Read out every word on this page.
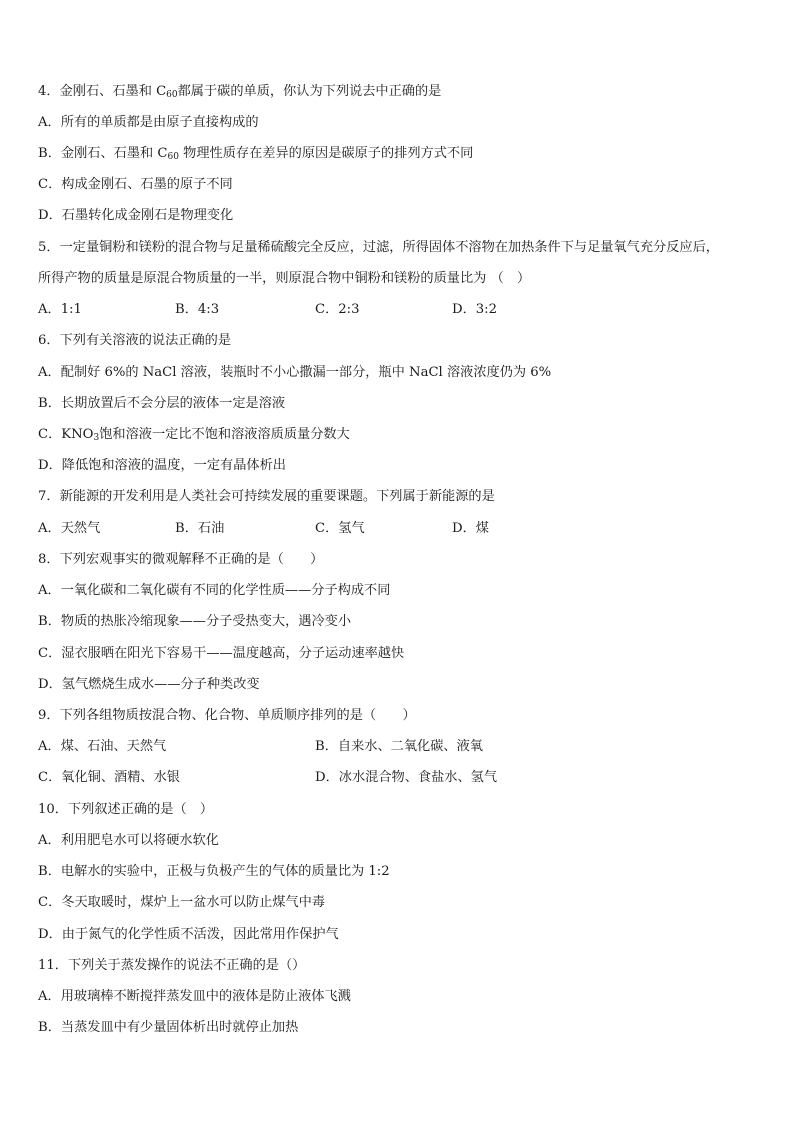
4．金刚石、石墨和 $C_{60}$都属于碳的单质，你认为下列说去中正确的是
A．所有的单质都是由原子直接构成的
B．金刚石、石墨和 $C_{60}$ 物理性质存在差异的原因是碳原子的排列方式不同
C．构成金刚石、石墨的原子不同
D．石墨转化成金刚石是物理变化
5．一定量铜粉和镁粉的混合物与足量稀硫酸完全反应，过滤，所得固体不溶物在加热条件下与足量氧气充分反应后，
所得产物的质量是原混合物质量的一半，则原混合物中铜粉和镁粉的质量比为 （　）
A．1:1	B．4:3	C．2:3	D．3:2
6．下列有关溶液的说法正确的是
A．配制好 6%的 NaCl 溶液，装瓶时不小心撒漏一部分，瓶中 NaCl 溶液浓度仍为 6%
B．长期放置后不会分层的液体一定是溶液
C．$KNO_3$饱和溶液一定比不饱和溶液溶质质量分数大
D．降低饱和溶液的温度，一定有晶体析出
7．新能源的开发利用是人类社会可持续发展的重要课题。下列属于新能源的是
A．天然气	B．石油	C．氢气	D．煤
8．下列宏观事实的微观解释不正确的是（　　）
A．一氧化碳和二氧化碳有不同的化学性质——分子构成不同
B．物质的热胀冷缩现象——分子受热变大，遇冷变小
C．湿衣服晒在阳光下容易干——温度越高，分子运动速率越快
D．氢气燃烧生成水——分子种类改变
9．下列各组物质按混合物、化合物、单质顺序排列的是（　　）
A．煤、石油、天然气	B．自来水、二氧化碳、液氧
C．氧化铜、酒精、水银	D．冰水混合物、食盐水、氢气
10．下列叙述正确的是（　）
A．利用肥皂水可以将硬水软化
B．电解水的实验中，正极与负极产生的气体的质量比为 1:2
C．冬天取暖时，煤炉上一盆水可以防止煤气中毒
D．由于氮气的化学性质不活泼，因此常用作保护气
11．下列关于蒸发操作的说法不正确的是（）
A．用玻璃棒不断搅拌蒸发皿中的液体是防止液体飞溅
B．当蒸发皿中有少量固体析出时就停止加热
